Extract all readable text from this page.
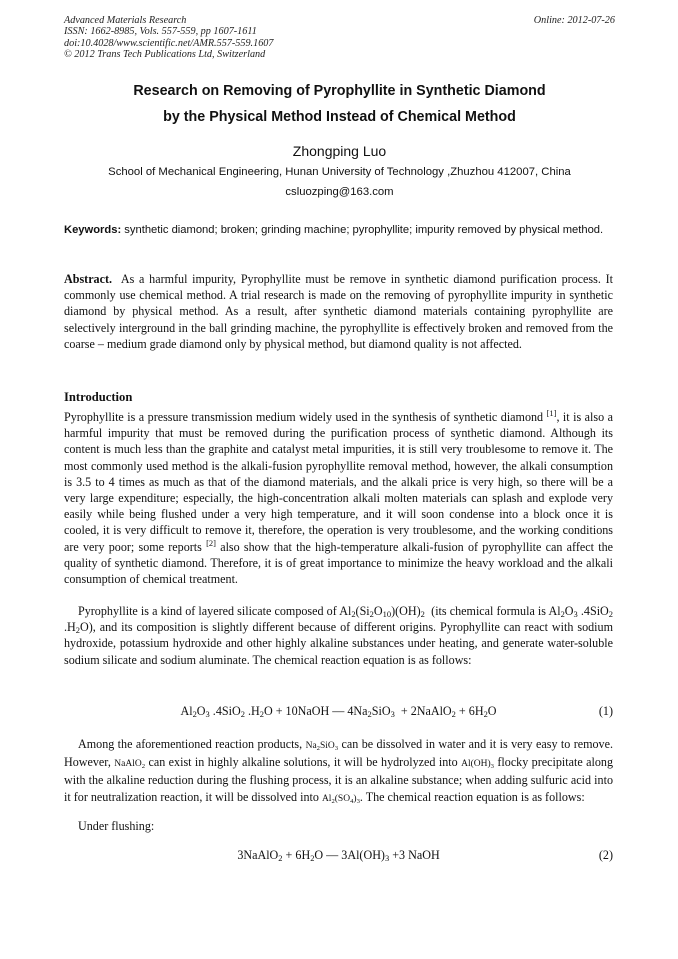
Advanced Materials Research
ISSN: 1662-8985, Vols. 557-559, pp 1607-1611
doi:10.4028/www.scientific.net/AMR.557-559.1607
© 2012 Trans Tech Publications Ltd, Switzerland
Online: 2012-07-26
Research on Removing of Pyrophyllite in Synthetic Diamond
by the Physical Method Instead of Chemical Method
Zhongping Luo
School of Mechanical Engineering, Hunan University of Technology ,Zhuzhou 412007, China
csluozping@163.com
Keywords: synthetic diamond; broken; grinding machine; pyrophyllite; impurity removed by physical method.
Abstract. As a harmful impurity, Pyrophyllite must be remove in synthetic diamond purification process. It commonly use chemical method. A trial research is made on the removing of pyrophyllite impurity in synthetic diamond by physical method. As a result, after synthetic diamond materials containing pyrophyllite are selectively interground in the ball grinding machine, the pyrophyllite is effectively broken and removed from the coarse – medium grade diamond only by physical method, but diamond quality is not affected.
Introduction
Pyrophyllite is a pressure transmission medium widely used in the synthesis of synthetic diamond [1], it is also a harmful impurity that must be removed during the purification process of synthetic diamond. Although its content is much less than the graphite and catalyst metal impurities, it is still very troublesome to remove it. The most commonly used method is the alkali-fusion pyrophyllite removal method, however, the alkali consumption is 3.5 to 4 times as much as that of the diamond materials, and the alkali price is very high, so there will be a very large expenditure; especially, the high-concentration alkali molten materials can splash and explode very easily while being flushed under a very high temperature, and it will soon condense into a block once it is cooled, it is very difficult to remove it, therefore, the operation is very troublesome, and the working conditions are very poor; some reports [2] also show that the high-temperature alkali-fusion of pyrophyllite can affect the quality of synthetic diamond. Therefore, it is of great importance to minimize the heavy workload and the alkali consumption of chemical treatment.
Pyrophyllite is a kind of layered silicate composed of $Al_2(Si_2O_{10})(OH)_2$ (its chemical formula is $Al_2O_3$ .4SiO$_2$ $.H_2O$), and its composition is slightly different because of different origins. Pyrophyllite can react with sodium hydroxide, potassium hydroxide and other highly alkaline substances under heating, and generate water-soluble sodium silicate and sodium aluminate. The chemical reaction equation is as follows:
$Al_2O_3$ .4SiO$_2$ $.H_2O$ + 10NaOH — $4Na_2SiO_3$  + 2NaAlO$_2$ + $6H_2O$	(1)
Among the aforementioned reaction products, $Na_2SiO_3$ can be dissolved in water and it is very easy to remove. However, NaAlO$_2$ can exist in highly alkaline solutions, it will be hydrolyzed into $Al(OH)_3$ flocky precipitate along with the alkaline reduction during the flushing process, it is an alkaline substance; when adding sulfuric acid into it for neutralization reaction, it will be dissolved into $Al_2(SO_4)_3$. The chemical reaction equation is as follows:
Under flushing:
3NaAlO$_2$ + $6H_2O$ — $3Al(OH)_3 +3$ NaOH	(2)
